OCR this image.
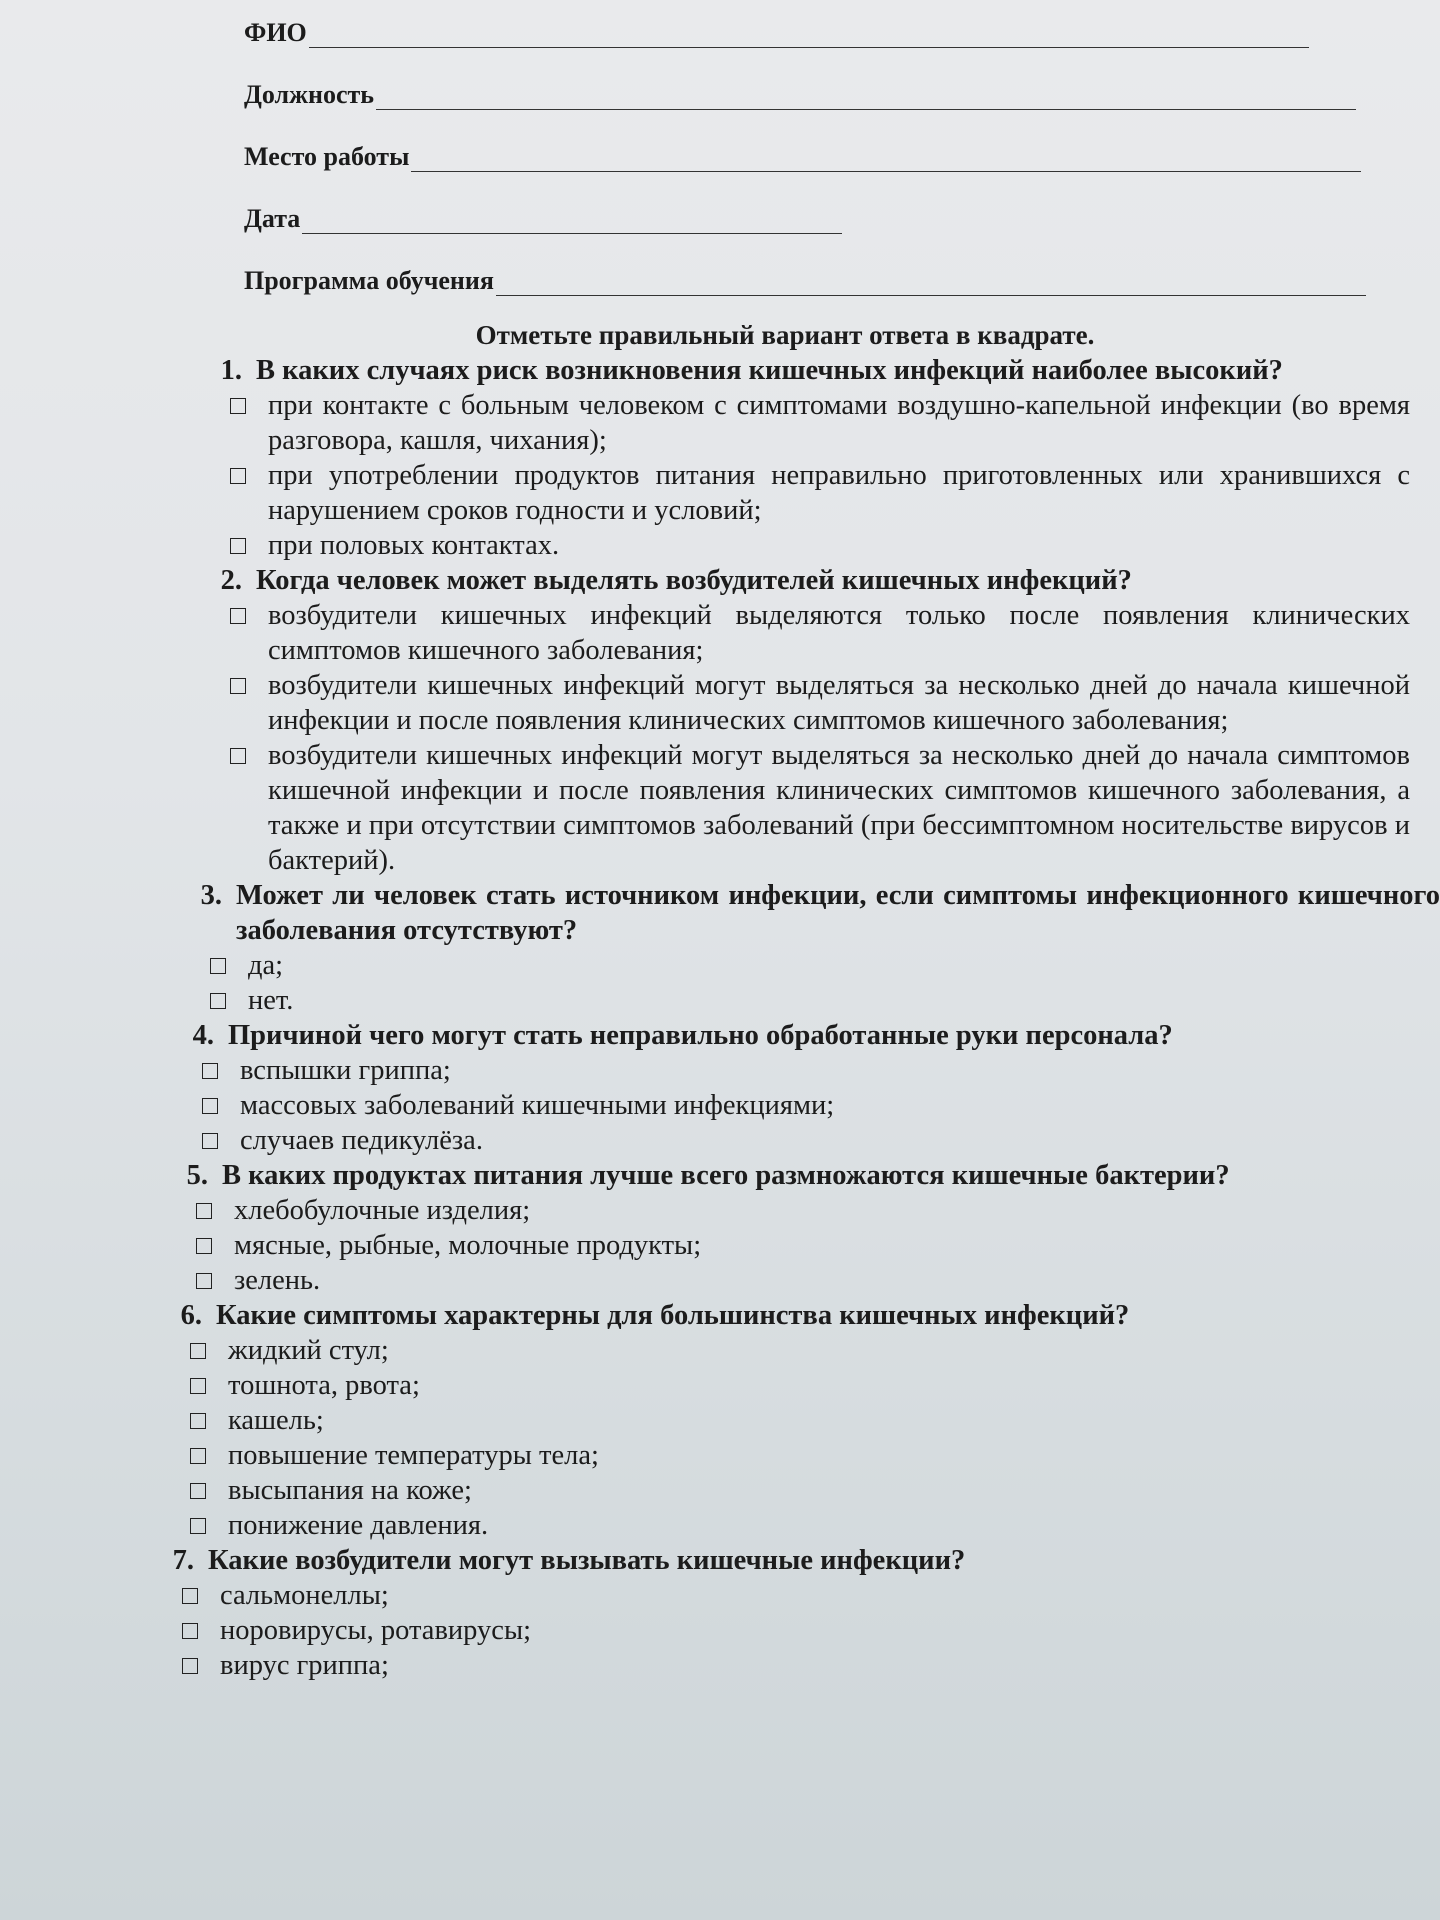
ФИО
Должность
Место работы
Дата
Программа обучения
Отметьте правильный вариант ответа в квадрате.
1. В каких случаях риск возникновения кишечных инфекций наиболее высокий?
при контакте с больным человеком с симптомами воздушно-капельной инфекции (во время разговора, кашля, чихания);
при употреблении продуктов питания неправильно приготовленных или хранившихся с нарушением сроков годности и условий;
при половых контактах.
2. Когда человек может выделять возбудителей кишечных инфекций?
возбудители кишечных инфекций выделяются только после появления клинических симптомов кишечного заболевания;
возбудители кишечных инфекций могут выделяться за несколько дней до начала кишечной инфекции и после появления клинических симптомов кишечного заболевания;
возбудители кишечных инфекций могут выделяться за несколько дней до начала симптомов кишечной инфекции и после появления клинических симптомов кишечного заболевания, а также и при отсутствии симптомов заболеваний (при бессимптомном носительстве вирусов и бактерий).
3. Может ли человек стать источником инфекции, если симптомы инфекционного кишечного заболевания отсутствуют?
да;
нет.
4. Причиной чего могут стать неправильно обработанные руки персонала?
вспышки гриппа;
массовых заболеваний кишечными инфекциями;
случаев педикулёза.
5. В каких продуктах питания лучше всего размножаются кишечные бактерии?
хлебобулочные изделия;
мясные, рыбные, молочные продукты;
зелень.
6. Какие симптомы характерны для большинства кишечных инфекций?
жидкий стул;
тошнота, рвота;
кашель;
повышение температуры тела;
высыпания на коже;
понижение давления.
7. Какие возбудители могут вызывать кишечные инфекции?
сальмонеллы;
норовирусы, ротавирусы;
вирус гриппа;
